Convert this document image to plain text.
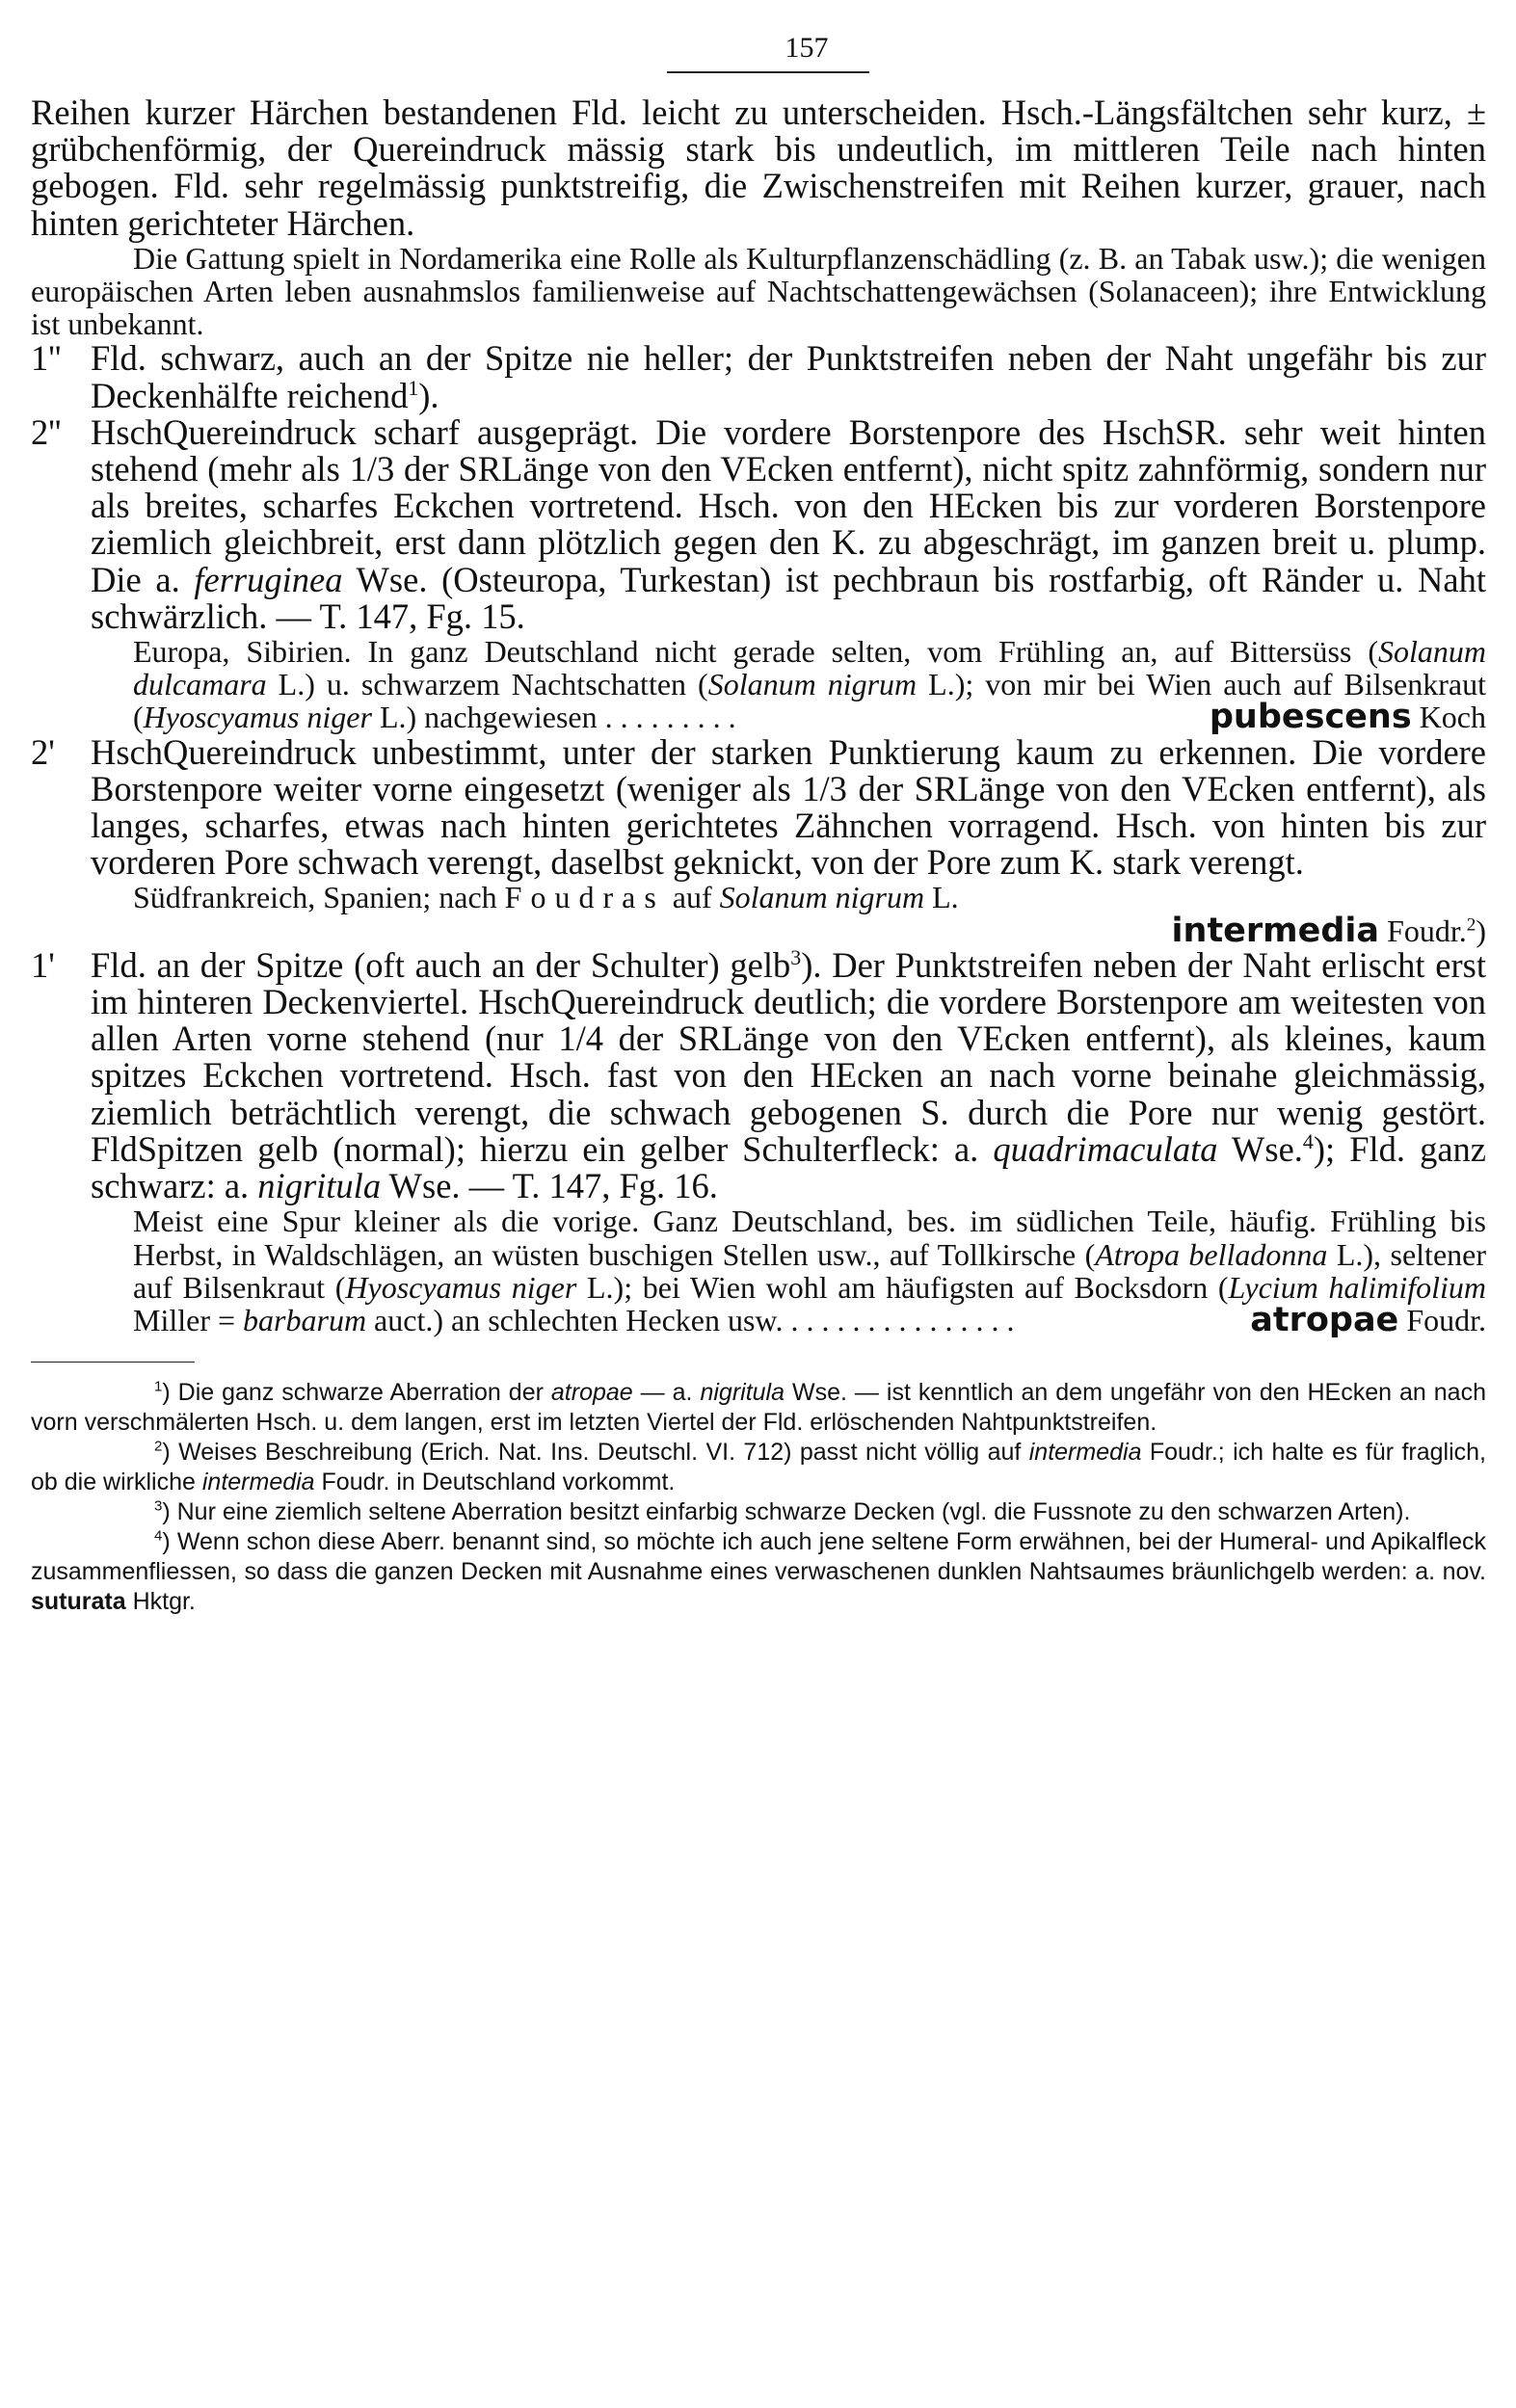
157

Reihen kurzer Härchen bestandenen Fld. leicht zu unterscheiden. Hsch.-Längsfältchen sehr kurz, ± grübchenförmig, der Quereindruck mässig stark bis undeutlich, im mittleren Teile nach hinten gebogen. Fld. sehr regelmässig punktstreifig, die Zwischenstreifen mit Reihen kurzer, grauer, nach hinten gerichteter Härchen.

Die Gattung spielt in Nordamerika eine Rolle als Kulturpflanzenschädling (z. B. an Tabak usw.); die wenigen europäischen Arten leben ausnahmslos familienweise auf Nachtschattengewächsen (Solanaceen); ihre Entwicklung ist unbekannt.

1'' Fld. schwarz, auch an der Spitze nie heller; der Punktstreifen neben der Naht ungefähr bis zur Deckenhälfte reichend$^1$).
2'' HschQuereindruck scharf ausgeprägt. Die vordere Borstenpore des HschSR. sehr weit hinten stehend (mehr als 1/3 der SRLänge von den VEcken entfernt), nicht spitz zahnförmig, sondern nur als breites, scharfes Eckchen vortretend. Hsch. von den HEcken bis zur vorderen Borstenpore ziemlich gleichbreit, erst dann plötzlich gegen den K. zu abgeschrägt, im ganzen breit u. plump. Die a. ferruginea Wse. (Osteuropa, Turkestan) ist pechbraun bis rostfarbig, oft Ränder u. Naht schwärzlich. — T. 147, Fg. 15.
Europa, Sibirien. In ganz Deutschland nicht gerade selten, vom Frühling an, auf Bittersüss (Solanum dulcamara L.) u. schwarzem Nachtschatten (Solanum nigrum L.); von mir bei Wien auch auf Bilsenkraut (Hyoscyamus niger L.) nachgewiesen . . . . . . . . .	pubescens Koch
2'	HschQuereindruck unbestimmt, unter der starken Punktierung kaum zu erkennen. Die vordere Borstenpore weiter vorne eingesetzt (weniger als 1/3 der SRLänge von den VEcken entfernt), als langes, scharfes, etwas nach hinten gerichtetes Zähnchen vorragend. Hsch. von hinten bis zur vorderen Pore schwach verengt, daselbst geknickt, von der Pore zum K. stark verengt.
Südfrankreich, Spanien; nach Foudras auf Solanum nigrum L.
intermedia Foudr.$^2$)
1'	Fld. an der Spitze (oft auch an der Schulter) gelb$^3$). Der Punktstreifen neben der Naht erlischt erst im hinteren Deckenviertel. HschQuereindruck deutlich; die vordere Borstenpore am weitesten von allen Arten vorne stehend (nur 1/4 der SRLänge von den VEcken entfernt), als kleines, kaum spitzes Eckchen vortretend. Hsch. fast von den HEcken an nach vorne beinahe gleichmässig, ziemlich beträchtlich verengt, die schwach gebogenen S. durch die Pore nur wenig gestört. FldSpitzen gelb (normal); hierzu ein gelber Schulterfleck: a. quadrimaculata Wse.$^4$); Fld. ganz schwarz: a. nigritula Wse. — T. 147, Fg. 16.
Meist eine Spur kleiner als die vorige. Ganz Deutschland, bes. im südlichen Teile, häufig. Frühling bis Herbst, in Waldschlägen, an wüsten buschigen Stellen usw., auf Tollkirsche (Atropa belladonna L.), seltener auf Bilsenkraut (Hyoscyamus niger L.); bei Wien wohl am häufigsten auf Bocksdorn (Lycium halimifolium Miller = barbarum auct.) an schlechten Hecken usw. . . . . . . . . . . . . . . .	atropae Foudr.

$^1$) Die ganz schwarze Aberration der atropae — a. nigritula Wse. — ist kenntlich an dem ungefähr von den HEcken an nach vorn verschmälerten Hsch. u. dem langen, erst im letzten Viertel der Fld. erlöschenden Nahtpunktstreifen.

$^2$) Weises Beschreibung (Erich. Nat. Ins. Deutschl. VI. 712) passt nicht völlig auf intermedia Foudr.; ich halte es für fraglich, ob die wirkliche intermedia Foudr. in Deutschland vorkommt.

$^3$) Nur eine ziemlich seltene Aberration besitzt einfarbig schwarze Decken (vgl. die Fussnote zu den schwarzen Arten).

$^4$) Wenn schon diese Aberr. benannt sind, so möchte ich auch jene seltene Form erwähnen, bei der Humeral- und Apikalfleck zusammenfliessen, so dass die ganzen Decken mit Ausnahme eines verwaschenen dunklen Nahtsaumes bräunlichgelb werden: a. nov. suturata Hktgr.
